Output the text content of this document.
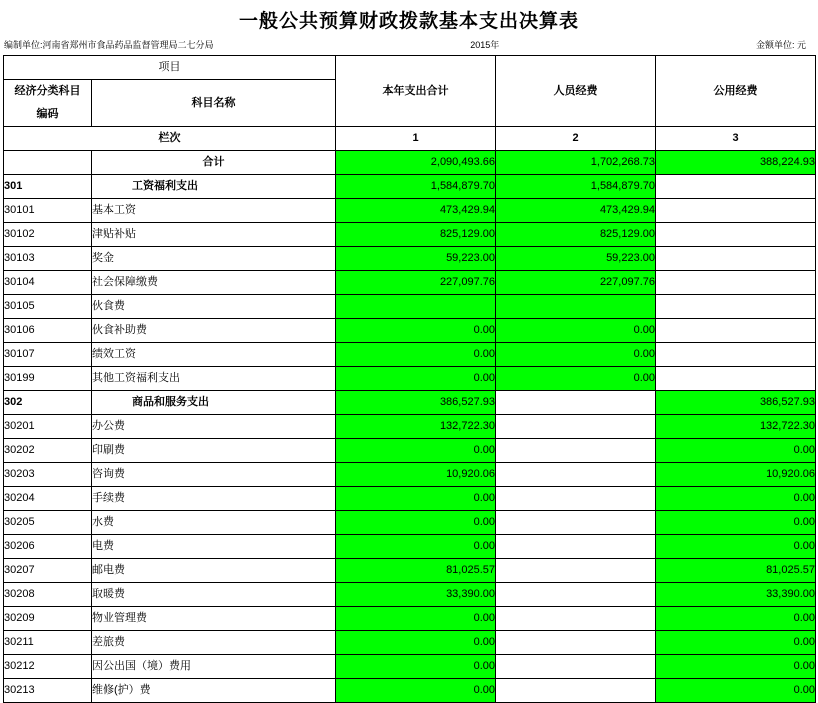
一般公共预算财政拨款基本支出决算表
编制单位:河南省郑州市食品药品监督管理局二七分局	2015年	金额单位: 元
项目		本年支出合计	人员经费	公用经费

经济分类科目
编码	科目名称			
栏次		1	2	3
	合计	2,090,493.66	1,702,268.73	388,224.93
301	工资福利支出	1,584,879.70	1,584,879.70	
30101	基本工资	473,429.94	473,429.94	
30102	津贴补贴	825,129.00	825,129.00	
30103	奖金	59,223.00	59,223.00	
30104	社会保障缴费	227,097.76	227,097.76	
30105	伙食费			
30106	伙食补助费	0.00	0.00	
30107	绩效工资	0.00	0.00	
30199	其他工资福利支出	0.00	0.00	
302	商品和服务支出	386,527.93		386,527.93
30201	办公费	132,722.30		132,722.30
30202	印刷费	0.00		0.00
30203	咨询费	10,920.06		10,920.06
30204	手续费	0.00		0.00
30205	水费	0.00		0.00
30206	电费	0.00		0.00
30207	邮电费	81,025.57		81,025.57
30208	取暖费	33,390.00		33,390.00
30209	物业管理费	0.00		0.00
30211	差旅费	0.00		0.00
30212	因公出国（境）费用	0.00		0.00
30213	维修(护）费	0.00		0.00
